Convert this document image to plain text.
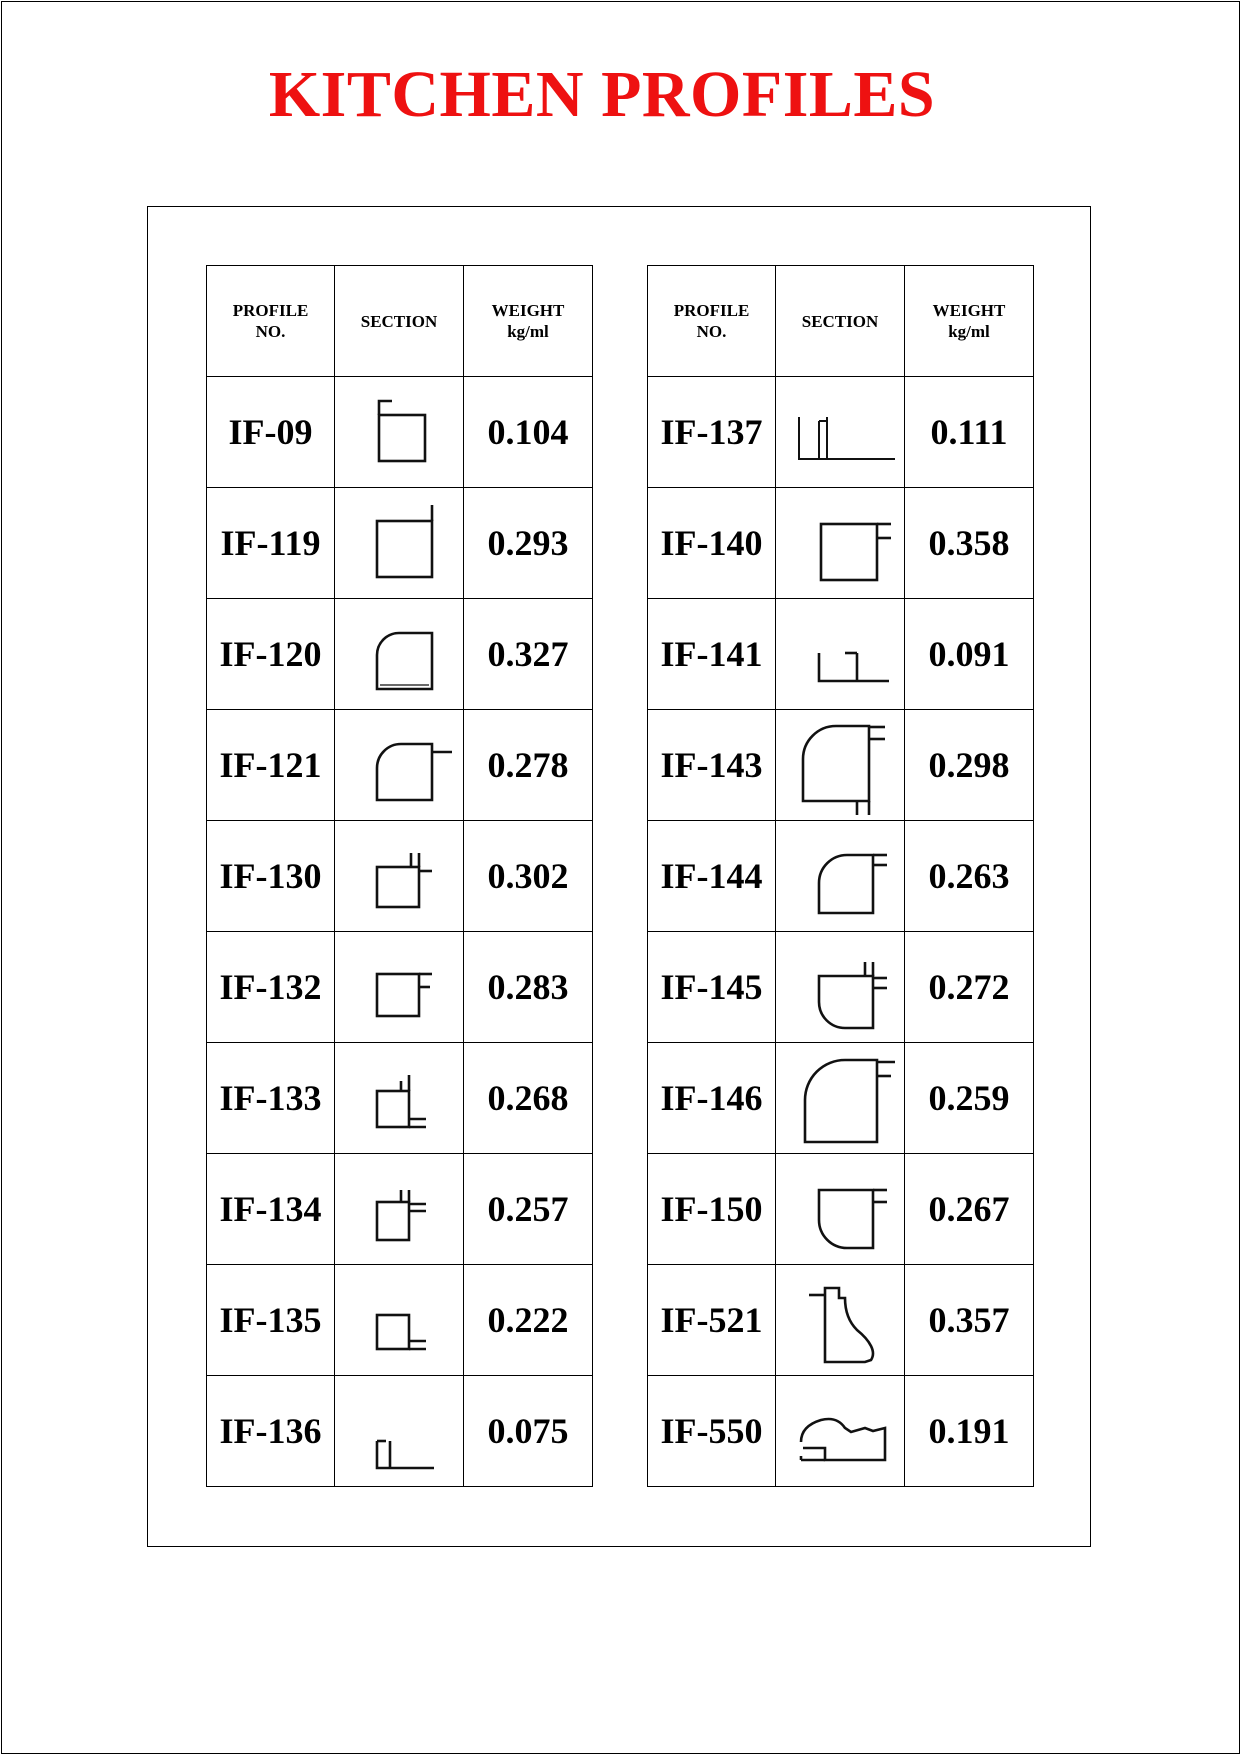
KITCHEN PROFILES
PROFILE
NO.	SECTION	WEIGHT
kg/ml
IF-09		0.104
IF-119		0.293
IF-120		0.327
IF-121		0.278
IF-130		0.302
IF-132		0.283
IF-133		0.268
IF-134		0.257
IF-135		0.222
IF-136		0.075
PROFILE
NO.	SECTION	WEIGHT
kg/ml
IF-137		0.111
IF-140		0.358
IF-141		0.091
IF-143		0.298
IF-144		0.263
IF-145		0.272
IF-146		0.259
IF-150		0.267
IF-521		0.357
IF-550		0.191
